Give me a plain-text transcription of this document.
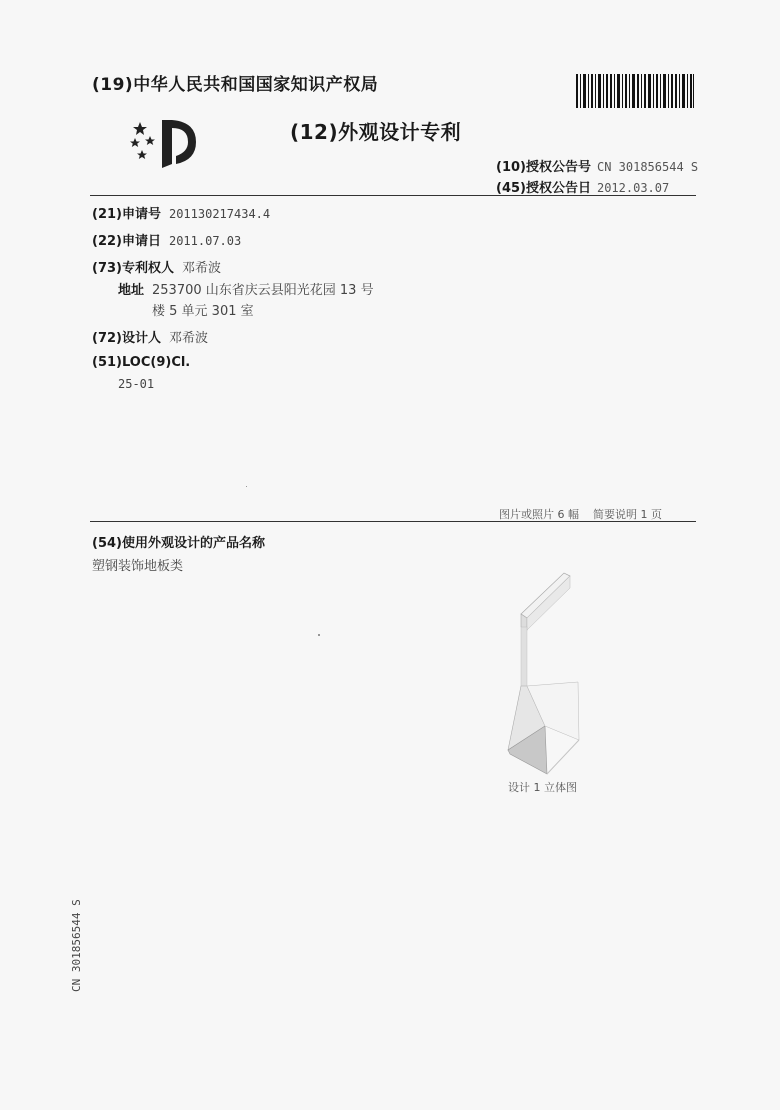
(19)中华人民共和国国家知识产权局
(12)外观设计专利
(10)授权公告号 CN 301856544 S
(45)授权公告日 2012.03.07
(21)申请号 201130217434.4
(22)申请日 2011.07.03
(73)专利权人 邓希波
地址 253700 山东省庆云县阳光花园 13 号
楼 5 单元 301 室
(72)设计人 邓希波
(51)LOC(9)Cl.
25-01
图片或照片 6 幅 简要说明 1 页
(54)使用外观设计的产品名称
塑钢装饰地板类
设计 1 立体图
CN 301856544 S
